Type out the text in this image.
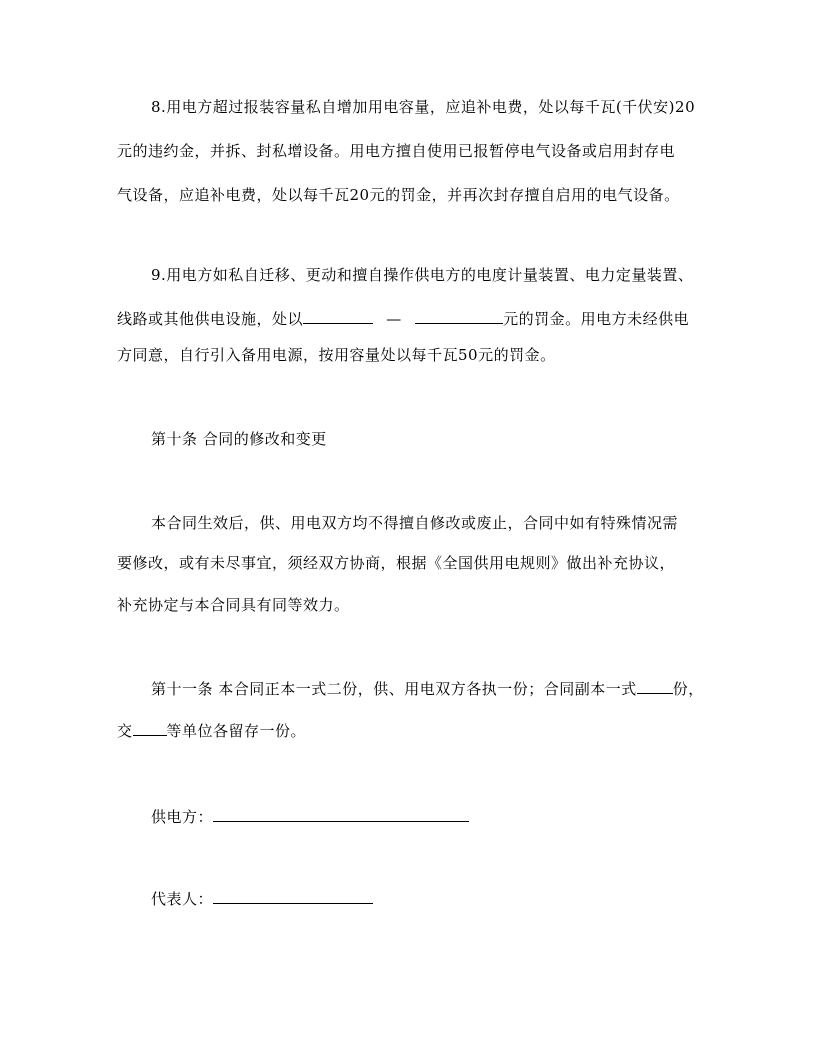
8.用电方超过报装容量私自增加用电容量，应追补电费，处以每千瓦(千伏安)20

元的违约金，并拆、封私增设备。用电方擅自使用已报暂停电气设备或启用封存电

气设备，应追补电费，处以每千瓦20元的罚金，并再次封存擅自启用的电气设备。

9.用电方如私自迁移、更动和擅自操作供电方的电度计量装置、电力定量装置、

线路或其他供电设施，处以	—	元的罚金。用电方未经供电

方同意，自行引入备用电源，按用容量处以每千瓦50元的罚金。

第十条 合同的修改和变更

本合同生效后，供、用电双方均不得擅自修改或废止，合同中如有特殊情况需

要修改，或有未尽事宜，须经双方协商，根据《全国供用电规则》做出补充协议，

补充协定与本合同具有同等效力。

第十一条 本合同正本一式二份，供、用电双方各执一份；合同副本一式 份，

交 等单位各留存一份。

供电方：

代表人：
